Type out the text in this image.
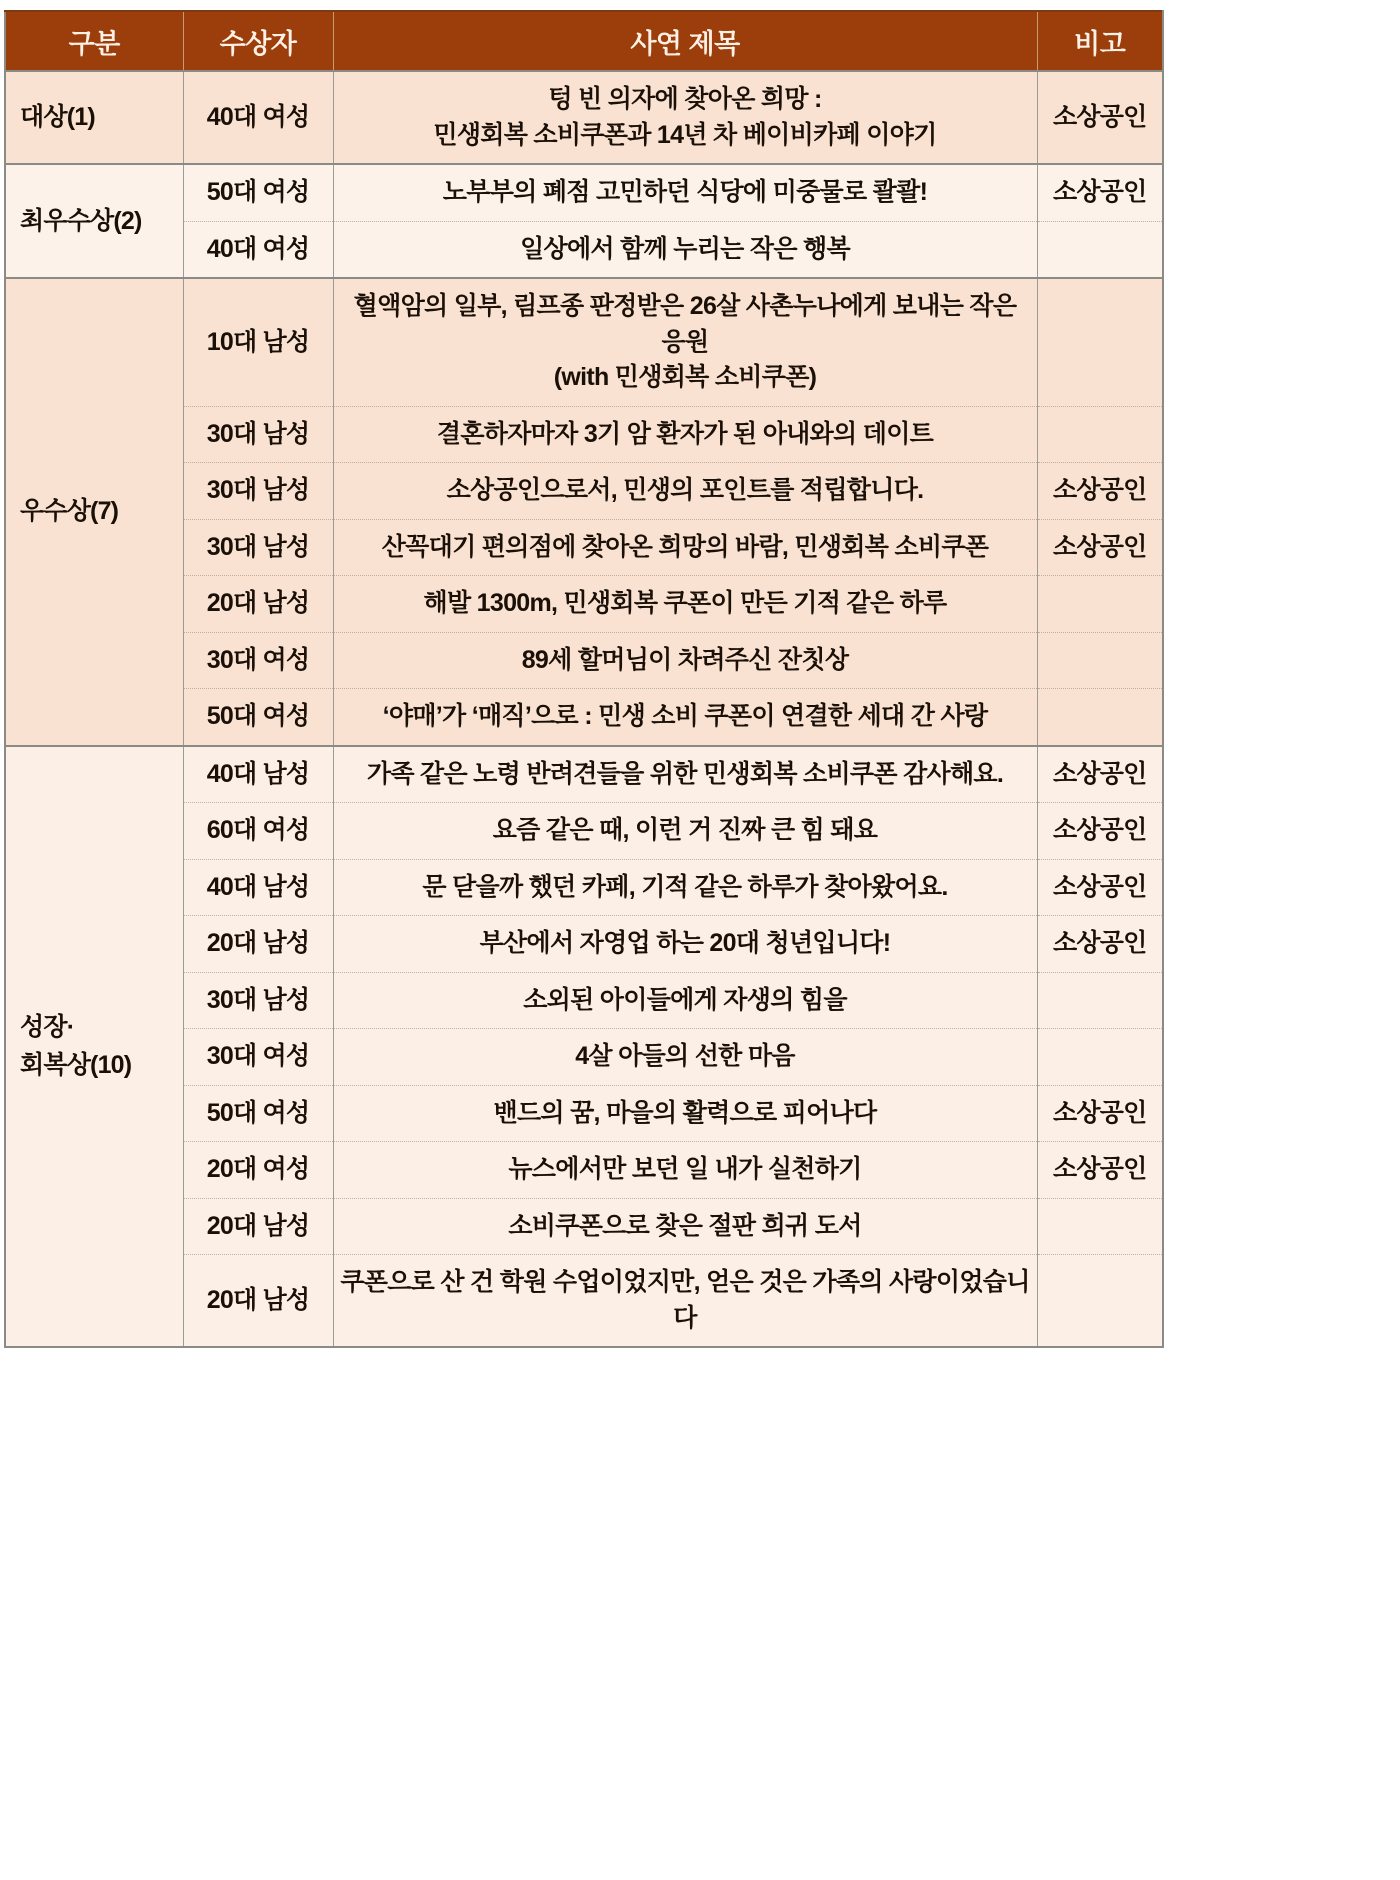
구분	수상자	사연 제목	비고

대상(1)	40대 여성	텅 빈 의자에 찾아온 희망 :
민생회복 소비쿠폰과 14년 차 베이비카페 이야기	소상공인

최우수상(2)	50대 여성	노부부의 폐점 고민하던 식당에 미중물로 콸콸!	소상공인
	40대 여성	일상에서 함께 누리는 작은 행복	

우수상(7)	10대 남성	혈액암의 일부, 림프종 판정받은 26살 사촌누나에게 보내는 작은 응원
(with 민생회복 소비쿠폰)	

	30대 남성	결혼하자마자 3기 암 환자가 된 아내와의 데이트	

	30대 남성	소상공인으로서, 민생의 포인트를 적립합니다.	소상공인
	30대 남성	산꼭대기 편의점에 찾아온 희망의 바람, 민생회복 소비쿠폰	소상공인
	20대 남성	해발 1300m, 민생회복 쿠폰이 만든 기적 같은 하루	

	30대 여성	89세 할머님이 차려주신 잔칫상	

	50대 여성	‘야매’가 ‘매직’으로 : 민생 소비 쿠폰이 연결한 세대 간 사랑	

성장·
회복상(10)	40대 남성	가족 같은 노령 반려견들을 위한 민생회복 소비쿠폰 감사해요.	소상공인
	60대 여성	요즘 같은 때, 이런 거 진짜 큰 힘 돼요	소상공인
	40대 남성	문 닫을까 했던 카페, 기적 같은 하루가 찾아왔어요.	소상공인
	20대 남성	부산에서 자영업 하는 20대 청년입니다!	소상공인
	30대 남성	소외된 아이들에게 자생의 힘을	

	30대 여성	4살 아들의 선한 마음	

	50대 여성	밴드의 꿈, 마을의 활력으로 피어나다	소상공인
	20대 여성	뉴스에서만 보던 일 내가 실천하기	소상공인
	20대 남성	소비쿠폰으로 찾은 절판 희귀 도서	

	20대 남성	쿠폰으로 산 건 학원 수업이었지만, 얻은 것은 가족의 사랑이었습니다	
